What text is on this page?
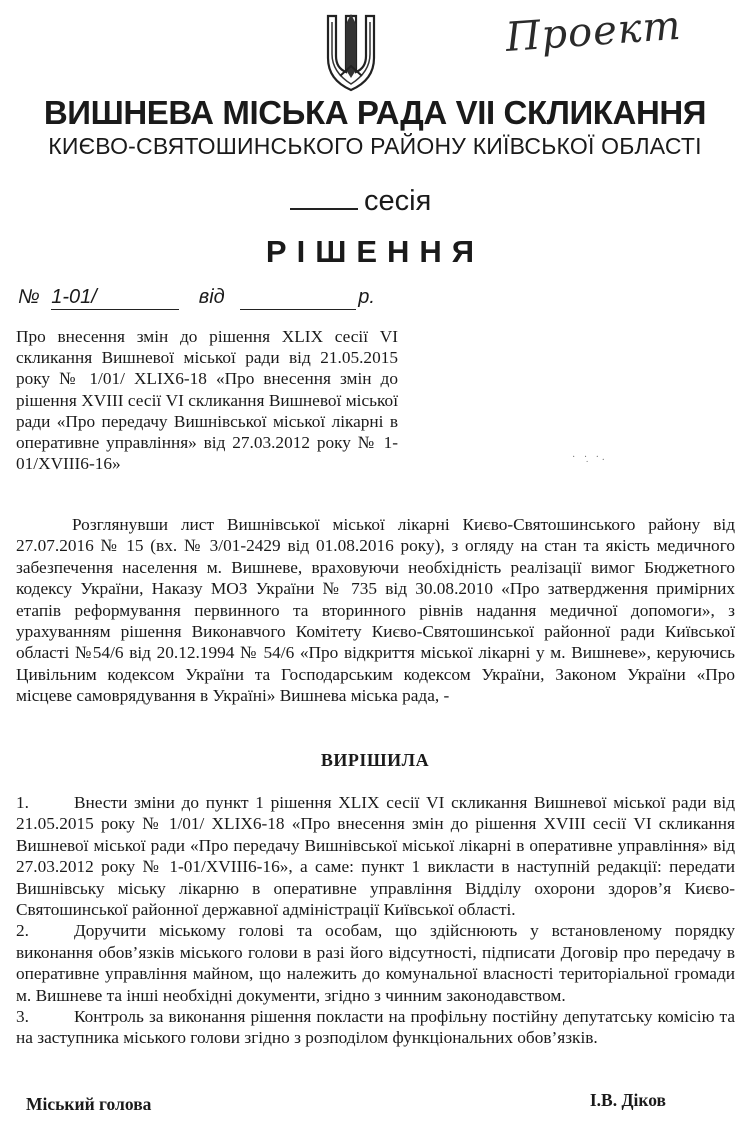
Проект
ВИШНЕВА МІСЬКА РАДА VII СКЛИКАННЯ
КИЄВО-СВЯТОШИНСЬКОГО РАЙОНУ КИЇВСЬКОЇ ОБЛАСТІ
сесія
РІШЕННЯ
№ 1-01/	від	р.
Про внесення змін до рішення XLIX сесії VI скликання Вишневої міської ради від 21.05.2015 року № 1/01/ XLIX6-18 «Про внесення змін до рішення XVIII сесії VI скликання Вишневої міської ради «Про передачу Вишнівської міської лікарні в оперативне управління» від 27.03.2012 року № 1-01/XVIII6-16»	· ·̣ ·.
Розглянувши лист Вишнівської міської лікарні Києво-Святошинського району від 27.07.2016 № 15 (вх. № 3/01-2429 від 01.08.2016 року), з огляду на стан та якість медичного забезпечення населення м. Вишневе, враховуючи необхідність реалізації вимог Бюджетного кодексу України, Наказу МОЗ України № 735 від 30.08.2010 «Про затвердження примірних етапів реформування первинного та вторинного рівнів надання медичної допомоги», з урахуванням рішення Виконавчого Комітету Києво-Святошинської районної ради Київської області №54/6 від 20.12.1994 № 54/6 «Про відкриття міської лікарні у м. Вишневе», керуючись Цивільним кодексом України та Господарським кодексом України, Законом України «Про місцеве самоврядування в Україні» Вишнева міська рада, -
ВИРІШИЛА
1.	Внести зміни до пункт 1 рішення XLIX сесії VI скликання Вишневої міської ради від 21.05.2015 року № 1/01/ XLIX6-18 «Про внесення змін до рішення XVIII сесії VI скликання Вишневої міської ради «Про передачу Вишнівської міської лікарні в оперативне управління» від 27.03.2012 року № 1-01/XVIII6-16», а саме: пункт 1 викласти в наступній редакції: передати Вишнівську міську лікарню в оперативне управління Відділу охорони здоров’я Києво-Святошинської районної державної адміністрації Київської області.
2.	Доручити міському голові та особам, що здійснюють у встановленому порядку виконання обов’язків міського голови в разі його відсутності, підписати Договір про передачу в оперативне управління майном, що належить до комунальної власності територіальної громади м. Вишневе та інші необхідні документи, згідно з чинним законодавством.
3.	Контроль за виконання рішення покласти на профільну постійну депутатську комісію та на заступника міського голови згідно з розподілом функціональних обов’язків.
Міський голова	І.В. Діков
